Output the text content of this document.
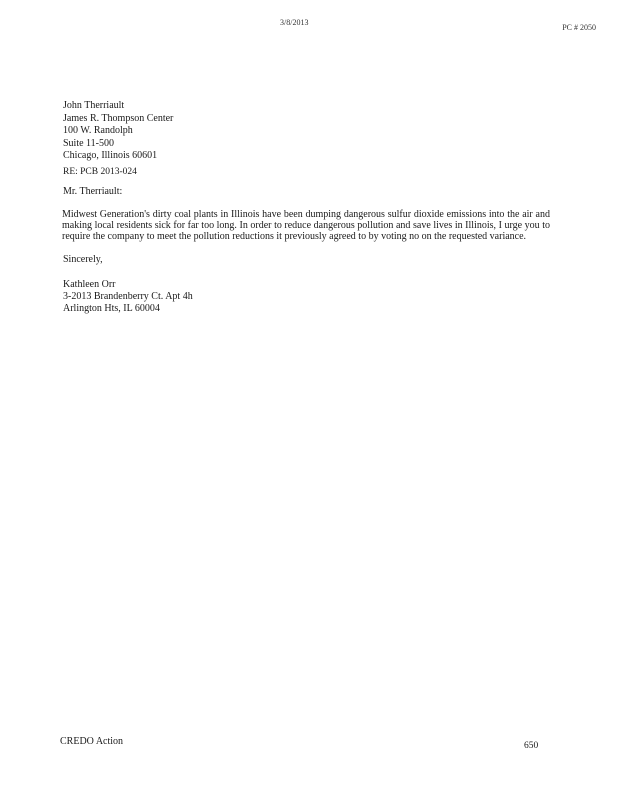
3/8/2013
PC # 2050
John Therriault
James R. Thompson Center
100 W. Randolph
Suite 11-500
Chicago, Illinois 60601
RE: PCB 2013-024
Mr. Therriault:
Midwest Generation's dirty coal plants in Illinois have been dumping dangerous sulfur dioxide emissions into the air and making local residents sick for far too long. In order to reduce dangerous pollution and save lives in Illinois, I urge you to require the company to meet the pollution reductions it previously agreed to by voting no on the requested variance.
Sincerely,
Kathleen Orr
3-2013 Brandenberry Ct. Apt 4h
Arlington Hts, IL 60004
CREDO Action	650
